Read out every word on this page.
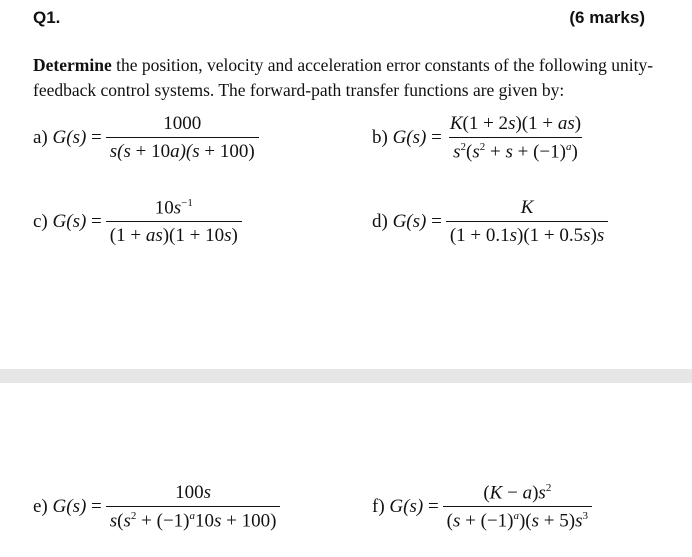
Q1.	(6 marks)
Determine the position, velocity and acceleration error constants of the following unity-feedback control systems. The forward-path transfer functions are given by:
a) $G(s) = \frac{1000}{s(s + 10a)(s + 100)}$	b) $G(s) = \frac{K(1 + 2s)(1 + as)}{s^2(s^2 + s + (-1)^a)}$
c) $G(s) = \frac{10s^{-1}}{(1 + as)(1 + 10s)}$	d) $G(s) = \frac{K}{(1 + 0.1s)(1 + 0.5s)s}$
e) $G(s) = \frac{100s}{s(s^2 + (-1)^a10s + 100)}$	f) $G(s) = \frac{(K - a)s^2}{(s + (-1)^a)(s + 5)s^3}$
